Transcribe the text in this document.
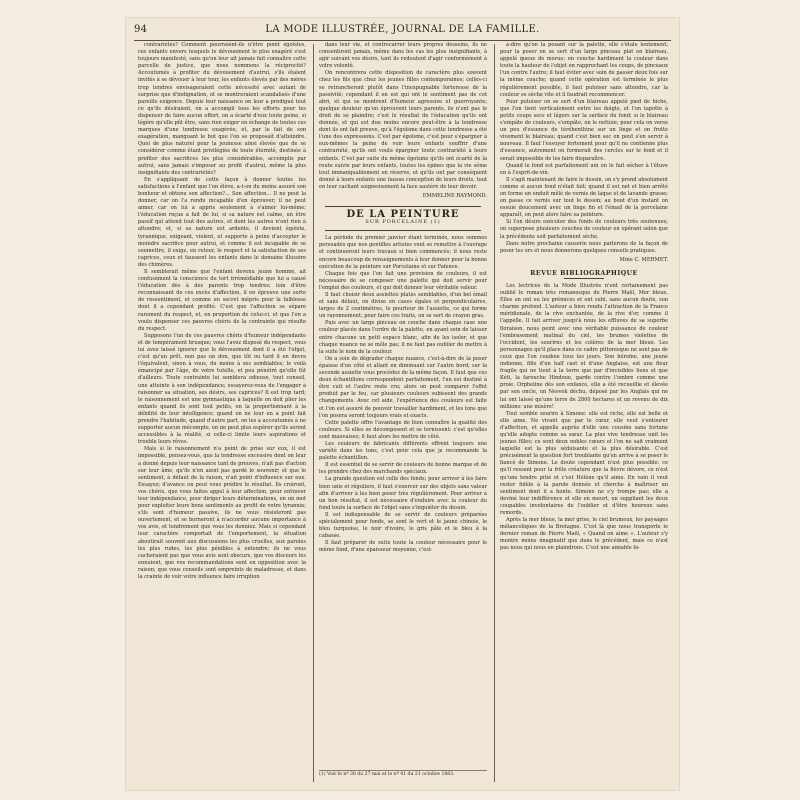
94	LA MODE ILLUSTRÉE, JOURNAL DE LA FAMILLE.

contrariétés? Comment pourraient-ils n'être point égoïstes, ces enfants envers lesquels le dévouement le plus exagéré s'est toujours manifesté, sans qu'on leur ait jamais fait connaître cette parcelle de justice, que nous nommons la réciprocité? Accoutumés à profiter du dévouement d'autrui, s'ils étaient invités à se dévouer à leur tour, les enfants élevés par des mères trop tendres envisageraient cette nécessité avec autant de surprise que d'indignation, et se montreraient scandalisés d'une pareille exigence. Depuis leur naissance on leur a prodigué tout ce qu'ils désiraient, on a accompli tous les efforts pour les dispenser de faire aucun effort, on a écarté d'eux toute peine, si légère qu'elle pût être, sans rien exiger en échange de toutes ces marques d'une tendresse exagérée, et, par le fait de son exagération, manquant le but que l'on se proposait d'atteindre. Quoi de plus naturel pour la jeunesse ainsi élevée que de se considérer comme étant privilégiée de toute éternité, destinée à profiter des sacrifices les plus considérables, accomplis par autrui, sans jamais s'imposer au profit d'autrui, même la plus insignifiante des contrariétés?

En s'appliquant de cette façon à donner toutes les satisfactions à l'enfant que l'on élève, a-t-on du moins assuré son bonheur et obtenu son affection?... Son affection... Il ne peut la donner, car on l'a rendu incapable d'en éprouver; il ne peut aimer, car on lui a appris seulement à s'aimer lui-même; l'éducation reçue a fait de lui, si sa nature est calme, un être passif qui attend tout des autres, et dont les autres n'ont rien à attendre; et, si sa nature est ardente, il devient égoïste, tyrannique, exigeant, violent, et supporte à peine d'accepter le moindre sacrifice pour autrui, et comme il est incapable de se soumettre, il exige, en retour, le respect et la satisfaction de ses caprices, ceux et faussent les enfants dans le domaine illusoire des chimères.

Il semblerait même que l'enfant devenu jeune homme, ait confusément la conscience du tort irrémédiable que lui a causé l'éducation dès à des parents trop tendres; loin d'être reconnaissant de ces excès d'affection, il en éprouve une sorte de ressentiment, et comme un secret mépris pour la faiblesse dont il a cependant profité. C'est que l'affection se sépare rarement du respect, et, en proportion de celui-ci, et que l'on a voulu dispenser ces pauvres chéris de la contrainte qui résulte du respect.

Supposons l'un de ces pauvres chéris d'humeur indépendante et de tempérament brusque; vous l'avez disposé du respect, vous lui avez laissé ignorer que le dévouement dont il a été l'objet, c'est qu'un prêt, non pas un don, que tôt ou tard il en devra l'équivalent, sinon à vous, du moins à ses semblables; le voilà émancipé par l'âge, de votre tutelle, et peu pénétré qu'elle fût d'ailleurs. Toute contrainte lui semblera odieuse, tout conseil, une atteinte à son indépendance; essayerez-vous de l'engager à raisonner sa situation, ses désirs, ses caprices? Il est trop tard; le raisonnement est une gymnastique à laquelle on doit plier les enfants quand ils sont tout petits, en la proportionnant à la débilité de leur intelligence; quand on ne leur en a point fait prendre l'habitude, quand d'autre part, on les a accoutumés à ne supporter aucun mécompte, on ne peut plus espérer qu'ils seront accessibles à la réalité, si celle-ci limite leurs aspirations et trouble leurs rêves.

Mais si le raisonnement n'a point de prise sur eux, il est impossible, pensez-vous, que la tendresse excessive dont on leur a donné depuis leur naissance tant de preuves, n'ait pas d'action sur leur âme, qu'ils n'en aient pas gardé le souvenir, et que le sentiment, à défaut de la raison, n'ait point d'influence sur eux. Essayez; d'avance on peut vous prédire le résultat. Ils croiront, vos chéris, que vous faites appel à leur affection, pour entraver leur indépendance, pour diriger leurs déterminations, en un mot pour exploiter leurs bons sentiments au profit de votre tyrannie; s'ils sont d'humeur passive, ils ne vous résisteront pas ouvertement, et se borneront à n'accorder aucune importance à vos avis, et tendrement que vous les donniez. Mais si cependant leur caractère comportait de l'emportement, la situation aboutirait souvent aux discussions les plus cruelles, aux paroles les plus rudes, les plus pénibles à entendre; ils ne vous cacheraient pas que vous avis sont obscurs, que vos discours les ennuient, que vos recommandations sont en opposition avec la raison; que vous conseils sont empreints de maladresse, et dans la crainte de voir votre influence faire irruption

dans leur vie, et contrecarrer leurs propres desseins, ils ne consentiront jamais, même dans les cas les plus insignifiants, à agir suivant vos désirs, tant ils redoutent d'agir conformément à votre volonté.

On rencontrera cette disposition de caractère plus souvent chez les fils que chez les jeunes filles contemporaines; celles-ci se retrancheront plutôt dans l'inexpugnable forteresse de la passivité; cependant il en est qui ont le sentiment pas de cet abri, et qui se montrent d'humeur agressive et guerroyante; quelque douleur qu'en éprouvent leurs parents, ils n'ont pas le droit de se plaindre; c'est le résultat de l'éducation qu'ils ont donnée, et qui est due moins encore peut-être à la tendresse dont ils ont fait preuve, qu'à l'égoïsme dans cette tendresse a été l'une des expressions. C'est par égoïsme, c'est pour s'épargner à eux-mêmes la peine de voir leurs enfants souffrir d'une contrariété, qu'ils ont voulu épargner toute contrariété à leurs enfants. C'est par suite du même égoïsme qu'ils ont écarté de la route suivie par leurs enfants, toutes les épines que la vie sème tout immanquablement en réserve, et qu'ils ont par conséquent donné à leurs enfants une fausse conception de leurs droits, tout en leur cachant soigneusement la face austère de leur devoir.

EMMELINE RAYMOND.
DE LA PEINTURE
SUR PORCELAINE (1)

La période du premier janvier étant terminée, nous sommes persuadés que nos gentilles artistes vont se remettre à l'ouvrage et continueront leurs travaux si bien commencés; il nous reste encore beaucoup de renseignements à leur donner pour la bonne exécution de la peinture sur Porcelaine et sur Faïence.

Chaque fois que l'on fait une provision de couleurs, il est nécessaire de se composer une palette qui doit servir pour l'emploi des couleurs, et qui doit donner leur véritable valeur.

Il faut choisir deux assiettes plates semblables, d'un bel émail et sans défaut, on divise en cases égales et perpendiculaires, larges de 2 centimètres, le pourtour de l'assiette, ce qui forme un rayonnement; pour faire ces traits, on se sert de crayon gras.

Puis avec un large pinceau on couche dans chaque case une couleur placée dans l'ordre de la palette, en ayant soin de laisser entre chacune un petit espace blanc, afin de les isoler, et que chaque nuance ne se mêle pas; il ne faut pas oublier de mettre à la suite le nom de la couleur.

On a soin de dégrader chaque nuance, c'est-à-dire de la poser épaisse d'un côté et allant en diminuant sur l'autre bord; sur la seconde assiette vous procédez de la même façon. Il faut que ces deux échantillons correspondent parfaitement, l'un est destiné à être cuit et l'autre reste cru; alors on peut comparer l'effet produit par le feu, car plusieurs couleurs subissent des grands changements. Avec cet aide, l'expérience des couleurs est faite et l'on est assuré de pouvoir travailler hardiment, et les tons que l'on posera seront toujours vrais et exacts.

Cette palette offre l'avantage de bien connaître la qualité des couleurs. Si elles se décomposent et se ternissent: c'est qu'elles sont mauvaises; il faut alors les mettre de côté.

Les couleurs de fabricants différents offrent toujours une variété dans les tons, c'est pour cela que je recommande la palette échantillon.

Il est essentiel de se servir de couleurs de bonne marque et de les prendre chez des marchands spéciaux.

La grande question est celle des fonds; pour arriver à les faire bien unis et réguliers, il faut s'exercer sur des objets sans valeur afin d'arriver à les bien poser très régulièrement. Pour arriver à un bon résultat, il est nécessaire d'enduire avec la couleur du fond toute la surface de l'objet sans s'inquiéter du dessin.

Il est indispensable de se servir de couleurs préparées spécialement pour fonds, se sont le vert et le jaune chinois, le bleu turquoise, le noir d'ivoire, le gris pâle et le bleu à la cabasse.

Il faut préparer de suite toute la couleur nécessaire pour le même fond, d'une épaisseur moyenne, c'est-

(1) Voir le nº 30 du 27 mai et le nº 41 du 21 octobre 1883.

à-dire qu'on la posant sur la palette, elle s'étale lentement; pour la poser on se sert d'un large pinceau plat en blaireau, appelé queue de morue; on couche hardiment la couleur dans toute la hauteur de l'objet en rapprochant les coups, de pinceaux l'un contre l'autre; il faut éviter avec soin de passer deux fois sur la même couche; quand cette opération est terminée le plus régulièrement possible, il faut putoiser sans attendre, car la couleur se sèche vite et il faudrait recommencer.

Pour putoiser on se sert d'un blaireau appelé pied de biche, que l'on tient verticalement entre les doigts, et l'on tapotte à petits coups secs et légers sur la surface du fond; si le blaireau s'empâte de couleurs, s'empâte, on le nettoie; pour cela on verse un peu d'essence de térébenthine sur un linge et on frotte vivement le blaireau; quand c'est bien sec on peut s'en servir à nouveau. Il faut l'essuyer fortement pour qu'il ne contienne plus d'essence, autrement on formerait des cercles sur le fond et il serait impossible de les faire disparaître.

Quand le fond est parfaitement uni on le fait sécher à l'étuve en à l'esprit-de-vin.

Il s'agit maintenant de faire le dessin, on s'y prend absolument comme si aucun fond n'était fait; quand il est net et bien arrêté on forme un enduit mêlé de vernis de laque et de lavande grasse; on passe ce vernis sur tout le dessin; au bout d'un instant on essuie doucement avec un linge fin et l'émail de la porcelaine apparaît, on peut alors faire sa peinture.

Si l'on désire exécuter des fonds de couleurs très soutenues; on superpose plusieurs couches de couleur en opérant selon que la précédente soit parfaitement sèche.

Dans notre prochaine causerie nous parlerons de la façon de poser les ors et nous donnerons quelques conseils pratiques.

Mme C. MERMET.
REVUE BIBLIOGRAPHIQUE

Les lectrices de la Mode Illustrée n'ont certainement pas oublié le roman très romanesque de Pierre Maël, Mer bleue. Elles en ont eu les prémices et ont subi, sans aucun doute, son charme profond. L'auteur a bien rendu l'attraction de la France méridionale, de la rive enchantée, de la rive d'or, comme il l'appelle. Il fait arriver jusqu'à nous les effluves de sa superbe floraison, nous peint avec une véritable puissance de couleur l'embrasement matinal du ciel, les brumes violettes de l'occident, les sourires et les colères de la mer bleue. Les personnages qu'il place dans ce cadre pittoresque ne sont pas de ceux que l'on coudoie tous les jours. Son héroïne, une jeune indienne, fille d'un half cast et d'une Anglaise, est une fleur fragile qui ne tient à la terre que par d'invisibles liens et que Kéti, la farouche Hindoue, garde contre l'ombre comme une proie. Orpheline dès son enfance, elle a été recueillie et élevée par son oncle, un Nesvek déchu, déposé par les Anglais qui ne lui ont laissé qu'une terre de 2800 hectares et un revenu de dix millions: une misère!

Tout semble sourire à Simone: elle est riche, elle est belle et elle aime. Ne vivant que par le cœur, elle veut s'entourer d'affection, et appelle auprès d'elle une cousine sans fortune qu'elle adopte comme sa sœur. La plus vive tendresse unit les jeunes filles; ce sont deux nobles cœurs et l'on ne sait vraiment laquelle est la plus séduisante et la plus désirable. C'est précisément la question fort troublante qu'en arrive à se poser le fiancé de Simone. Le doute cependant n'est plus possible: ce qu'il ressent pour la frêle créature que la fièvre dévore, ce n'est qu'une tendre pitié et c'est Hélène qu'il aime. En vain il veut rester fidèle à la parole donnée et cherche à maîtriser un sentiment dont il a honte. Simone ne s'y trompe pas; elle a deviné leur indifférence et elle en meurt, en suppliant les deux coupables involontaires de l'oublier et d'être heureux sans remords.

Après la mer bleue, la mer grise, le ciel brumeux, les paysages mélancoliques de la Bretagne. C'est là que nous transporte le dernier roman de Pierre Maël, « Quand on aime ». L'auteur s'y montre moins imaginatif que dans le précédent, mais ce n'est pas nous qui nous en plaindrons. C'est une aimable fa-
